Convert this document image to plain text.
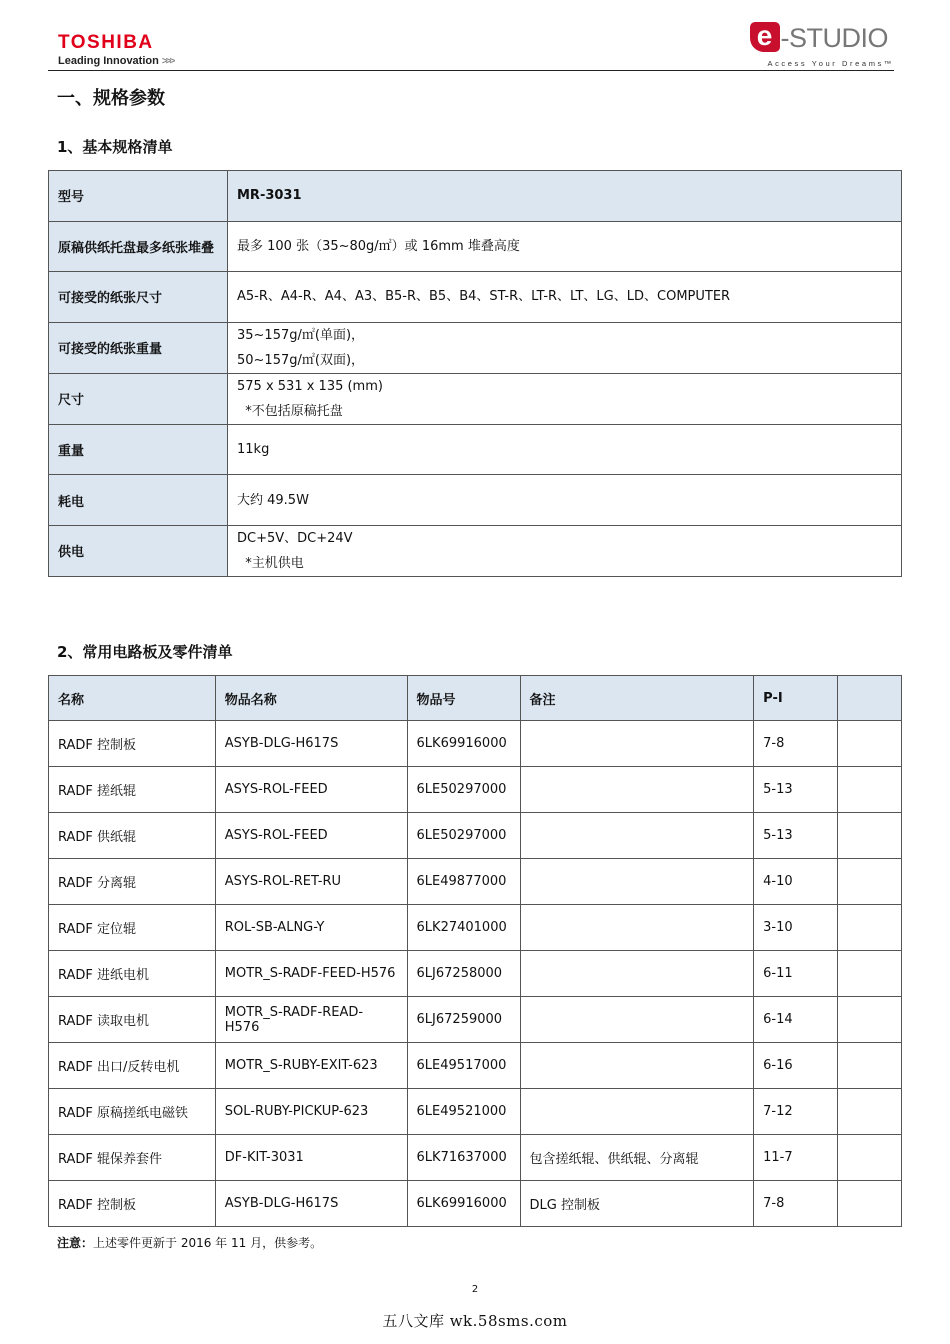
TOSHIBA
Leading Innovation >>>
e -STUDIO
Access Your Dreams™
一、规格参数
1、基本规格清单
型号	MR-3031

原稿供纸托盘最多纸张堆叠	最多 100 张（35~80g/㎡）或 16mm 堆叠高度

可接受的纸张尺寸	A5-R、A4-R、A4、A3、B5-R、B5、B4、ST-R、LT-R、LT、LG、LD、COMPUTER

可接受的纸张重量	35~157g/㎡(单面)，
50~157g/㎡(双面)，

尺寸	575 x 531 x 135 (mm)
*不包括原稿托盘

重量	11kg

耗电	大约 49.5W

供电	DC+5V、DC+24V
*主机供电
2、常用电路板及零件清单
名称	物品名称	物品号	备注	P-I	
RADF 控制板	ASYB-DLG-H617S	6LK69916000		7-8	
RADF 搓纸辊	ASYS-ROL-FEED	6LE50297000		5-13	
RADF 供纸辊	ASYS-ROL-FEED	6LE50297000		5-13	
RADF 分离辊	ASYS-ROL-RET-RU	6LE49877000		4-10	
RADF 定位辊	ROL-SB-ALNG-Y	6LK27401000		3-10	
RADF 进纸电机	MOTR_S-RADF-FEED-H576	6LJ67258000		6-11	
RADF 读取电机	MOTR_S-RADF-READ-H576	6LJ67259000		6-14	
RADF 出口/反转电机	MOTR_S-RUBY-EXIT-623	6LE49517000		6-16	
RADF 原稿搓纸电磁铁	SOL-RUBY-PICKUP-623	6LE49521000		7-12	
RADF 辊保养套件	DF-KIT-3031	6LK71637000	包含搓纸辊、供纸辊、分离辊	11-7	
RADF 控制板	ASYB-DLG-H617S	6LK69916000	DLG 控制板	7-8	
注意：上述零件更新于 2016 年 11 月，供参考。
2
五八文库 wk.58sms.com
